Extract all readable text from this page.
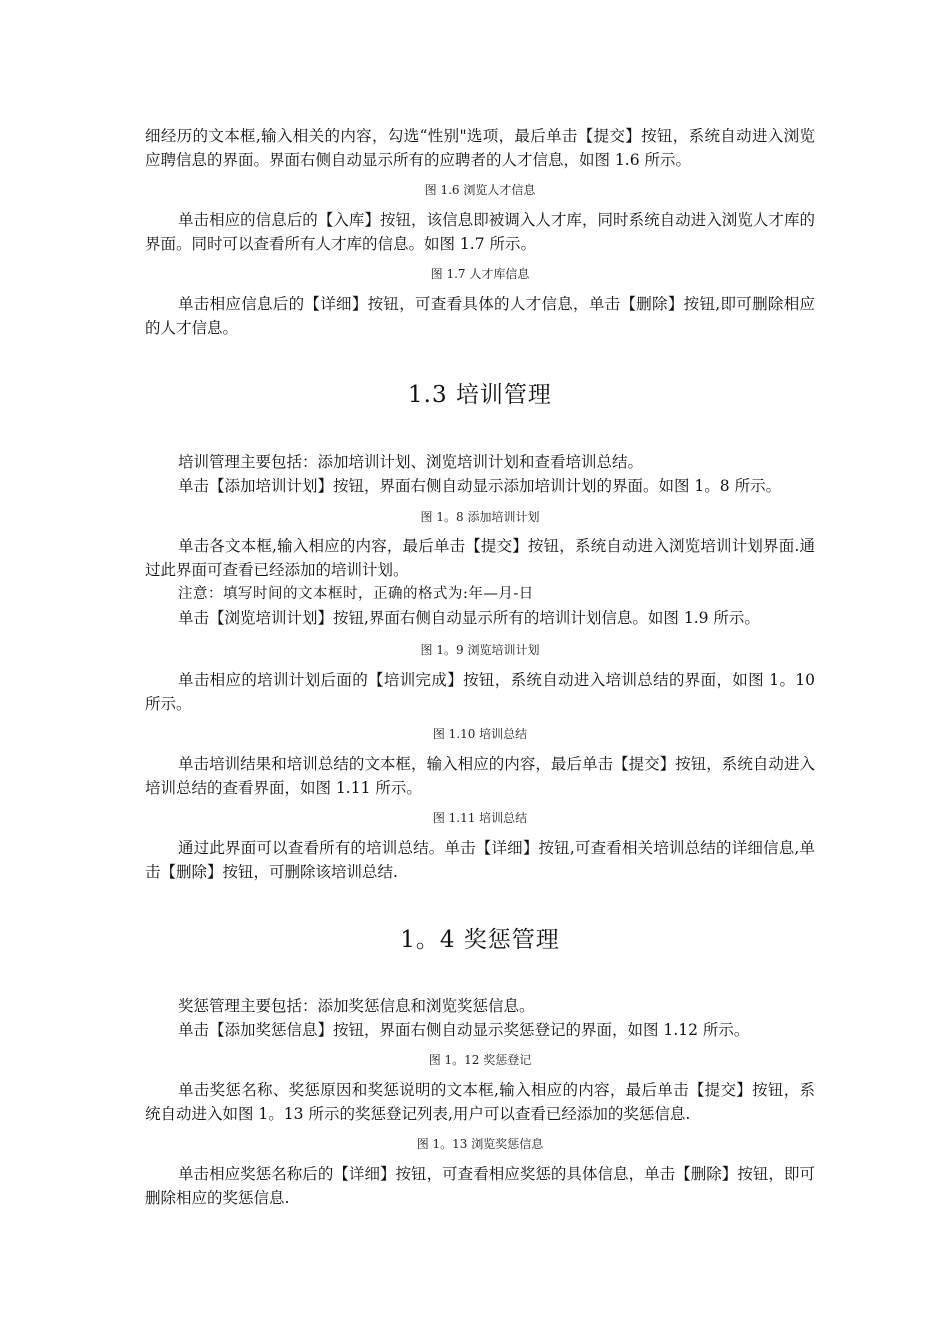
细经历的文本框,输入相关的内容，勾选“性别"选项，最后单击【提交】按钮，系统自动进入浏览应聘信息的界面。界面右侧自动显示所有的应聘者的人才信息，如图 1.6 所示。

图 1.6 浏览人才信息

单击相应的信息后的【入库】按钮，该信息即被调入人才库，同时系统自动进入浏览人才库的界面。同时可以查看所有人才库的信息。如图 1.7 所示。

图 1.7 人才库信息

单击相应信息后的【详细】按钮，可查看具体的人才信息，单击【删除】按钮,即可删除相应的人才信息。

1.3 培训管理

培训管理主要包括：添加培训计划、浏览培训计划和查看培训总结。

单击【添加培训计划】按钮，界面右侧自动显示添加培训计划的界面。如图 1。8 所示。

图 1。8 添加培训计划

单击各文本框,输入相应的内容，最后单击【提交】按钮，系统自动进入浏览培训计划界面.通过此界面可查看已经添加的培训计划。

注意：填写时间的文本框时，正确的格式为:年—月-日

单击【浏览培训计划】按钮,界面右侧自动显示所有的培训计划信息。如图 1.9 所示。

图 1。9 浏览培训计划

单击相应的培训计划后面的【培训完成】按钮，系统自动进入培训总结的界面，如图 1。10 所示。

图 1.10 培训总结

单击培训结果和培训总结的文本框，输入相应的内容，最后单击【提交】按钮，系统自动进入培训总结的查看界面，如图 1.11 所示。

图 1.11 培训总结

通过此界面可以查看所有的培训总结。单击【详细】按钮,可查看相关培训总结的详细信息,单击【删除】按钮，可删除该培训总结.

1。4 奖惩管理

奖惩管理主要包括：添加奖惩信息和浏览奖惩信息。

单击【添加奖惩信息】按钮，界面右侧自动显示奖惩登记的界面，如图 1.12 所示。

图 1。12 奖惩登记

单击奖惩名称、奖惩原因和奖惩说明的文本框,输入相应的内容，最后单击【提交】按钮，系统自动进入如图 1。13 所示的奖惩登记列表,用户可以查看已经添加的奖惩信息.

图 1。13 浏览奖惩信息

单击相应奖惩名称后的【详细】按钮，可查看相应奖惩的具体信息，单击【删除】按钮，即可删除相应的奖惩信息.
